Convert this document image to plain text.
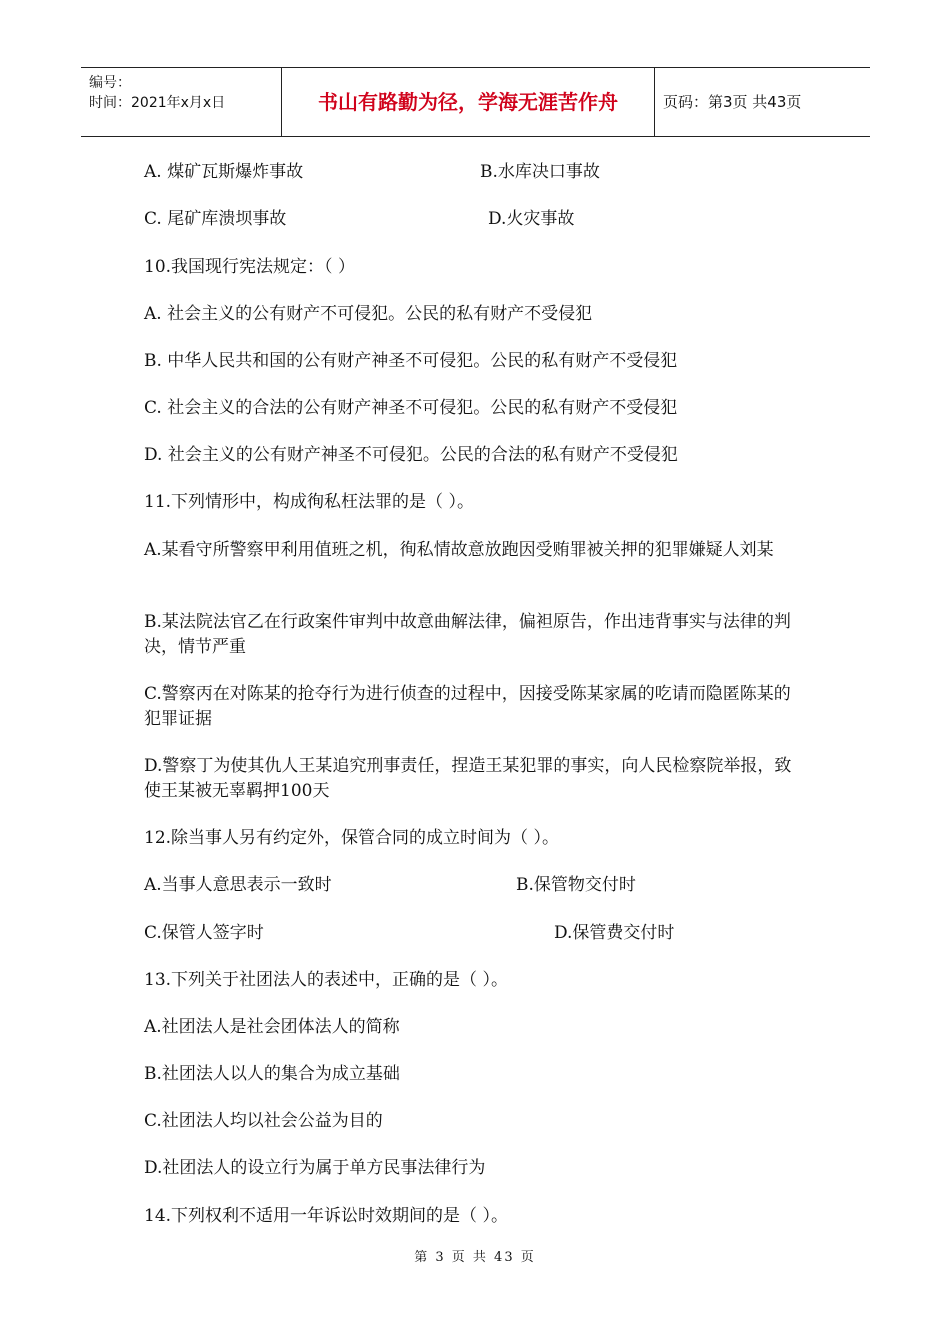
编号：
时间：2021年x月x日	书山有路勤为径，学海无涯苦作舟	页码：第3页 共43页
A. 煤矿瓦斯爆炸事故	B.水库决口事故
C. 尾矿库溃坝事故	D.火灾事故
10.我国现行宪法规定：（ ）
A. 社会主义的公有财产不可侵犯。公民的私有财产不受侵犯
B. 中华人民共和国的公有财产神圣不可侵犯。公民的私有财产不受侵犯
C. 社会主义的合法的公有财产神圣不可侵犯。公民的私有财产不受侵犯
D. 社会主义的公有财产神圣不可侵犯。公民的合法的私有财产不受侵犯
11.下列情形中，构成徇私枉法罪的是（ ）。
A.某看守所警察甲利用值班之机，徇私情故意放跑因受贿罪被关押的犯罪嫌疑人刘某
B.某法院法官乙在行政案件审判中故意曲解法律，偏袒原告，作出违背事实与法律的判决，情节严重
C.警察丙在对陈某的抢夺行为进行侦查的过程中，因接受陈某家属的吃请而隐匿陈某的犯罪证据
D.警察丁为使其仇人王某追究刑事责任，捏造王某犯罪的事实，向人民检察院举报，致使王某被无辜羁押100天
12.除当事人另有约定外，保管合同的成立时间为（ ）。
A.当事人意思表示一致时	B.保管物交付时
C.保管人签字时	D.保管费交付时
13.下列关于社团法人的表述中，正确的是（ ）。
A.社团法人是社会团体法人的简称
B.社团法人以人的集合为成立基础
C.社团法人均以社会公益为目的
D.社团法人的设立行为属于单方民事法律行为
14.下列权利不适用一年诉讼时效期间的是（ ）。
第 3 页 共 43 页
